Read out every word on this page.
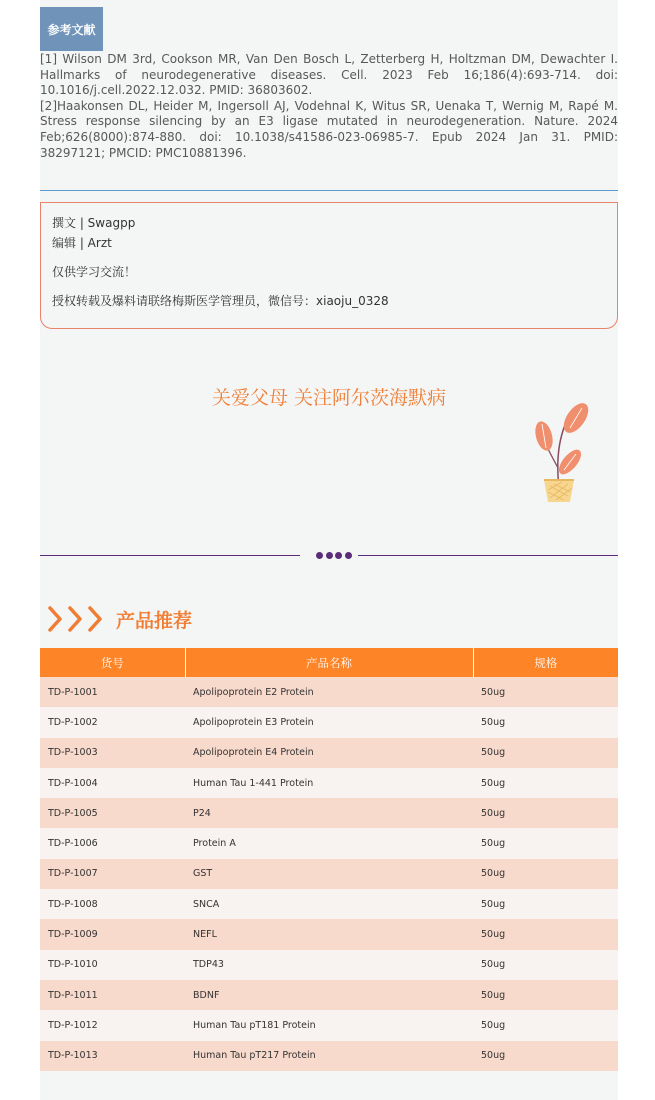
参考文献

[1] Wilson DM 3rd, Cookson MR, Van Den Bosch L, Zetterberg H, Holtzman DM, Dewachter I. Hallmarks of neurodegenerative diseases. Cell. 2023 Feb 16;186(4):693-714. doi: 10.1016/j.cell.2022.12.032. PMID: 36803602.

[2]Haakonsen DL, Heider M, Ingersoll AJ, Vodehnal K, Witus SR, Uenaka T, Wernig M, Rapé M. Stress response silencing by an E3 ligase mutated in neurodegeneration. Nature. 2024 Feb;626(8000):874-880. doi: 10.1038/s41586-023-06985-7. Epub 2024 Jan 31. PMID: 38297121; PMCID: PMC10881396.

撰文 | Swagpp
编辑 | Arzt
仅供学习交流！
授权转载及爆料请联络梅斯医学管理员，微信号：xiaoju_0328
关爱父母 关注阿尔茨海默病
产品推荐
货号	产品名称	规格
TD-P-1001	Apolipoprotein E2 Protein	50ug
TD-P-1002	Apolipoprotein E3 Protein	50ug
TD-P-1003	Apolipoprotein E4 Protein	50ug
TD-P-1004	Human Tau 1-441 Protein	50ug
TD-P-1005	P24	50ug
TD-P-1006	Protein A	50ug
TD-P-1007	GST	50ug
TD-P-1008	SNCA	50ug
TD-P-1009	NEFL	50ug
TD-P-1010	TDP43	50ug
TD-P-1011	BDNF	50ug
TD-P-1012	Human Tau pT181 Protein	50ug
TD-P-1013	Human Tau pT217 Protein	50ug
